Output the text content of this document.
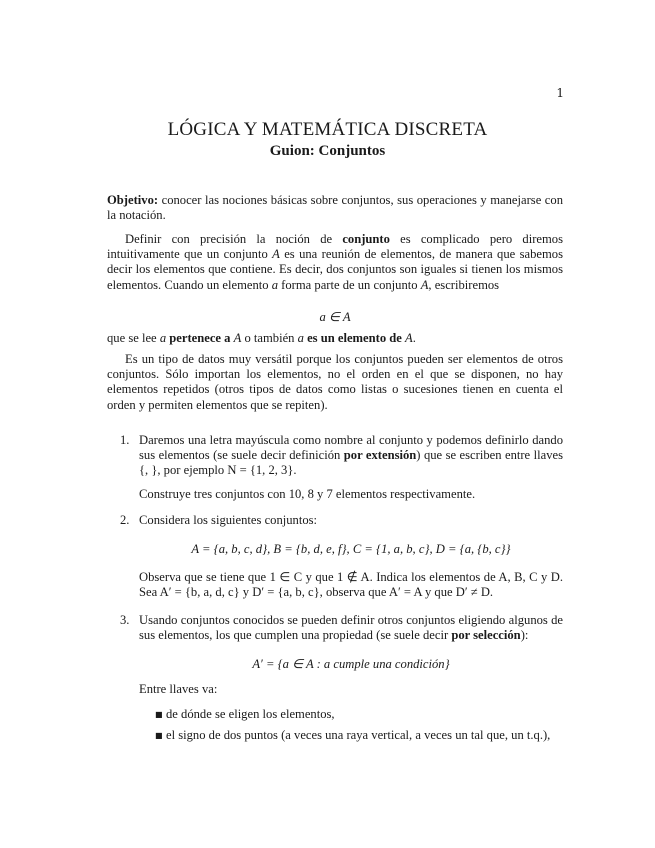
1
LÓGICA Y MATEMÁTICA DISCRETA
Guion: Conjuntos
Objetivo: conocer las nociones básicas sobre conjuntos, sus operaciones y manejarse con la notación.
Definir con precisión la noción de conjunto es complicado pero diremos intuitivamente que un conjunto A es una reunión de elementos, de manera que sabemos decir los elementos que contiene. Es decir, dos conjuntos son iguales si tienen los mismos elementos. Cuando un elemento a forma parte de un conjunto A, escribiremos
a ∈ A
que se lee a pertenece a A o también a es un elemento de A.
Es un tipo de datos muy versátil porque los conjuntos pueden ser elementos de otros conjuntos. Sólo importan los elementos, no el orden en el que se disponen, no hay elementos repetidos (otros tipos de datos como listas o sucesiones tienen en cuenta el orden y permiten elementos que se repiten).
1. Daremos una letra mayúscula como nombre al conjunto y podemos definirlo dando sus elementos (se suele decir definición por extensión) que se escriben entre llaves {, }, por ejemplo N = {1, 2, 3}.
Construye tres conjuntos con 10, 8 y 7 elementos respectivamente.
2. Considera los siguientes conjuntos:
A = {a, b, c, d}, B = {b, d, e, f}, C = {1, a, b, c}, D = {a, {b, c}}
Observa que se tiene que 1 ∈ C y que 1 ∉ A. Indica los elementos de A, B, C y D. Sea A′ = {b, a, d, c} y D′ = {a, b, c}, observa que A′ = A y que D′ ≠ D.
3. Usando conjuntos conocidos se pueden definir otros conjuntos eligiendo algunos de sus elementos, los que cumplen una propiedad (se suele decir por selección):
A′ = {a ∈ A : a cumple una condición}
Entre llaves va:
■ de dónde se eligen los elementos,
■ el signo de dos puntos (a veces una raya vertical, a veces un tal que, un t.q.),
